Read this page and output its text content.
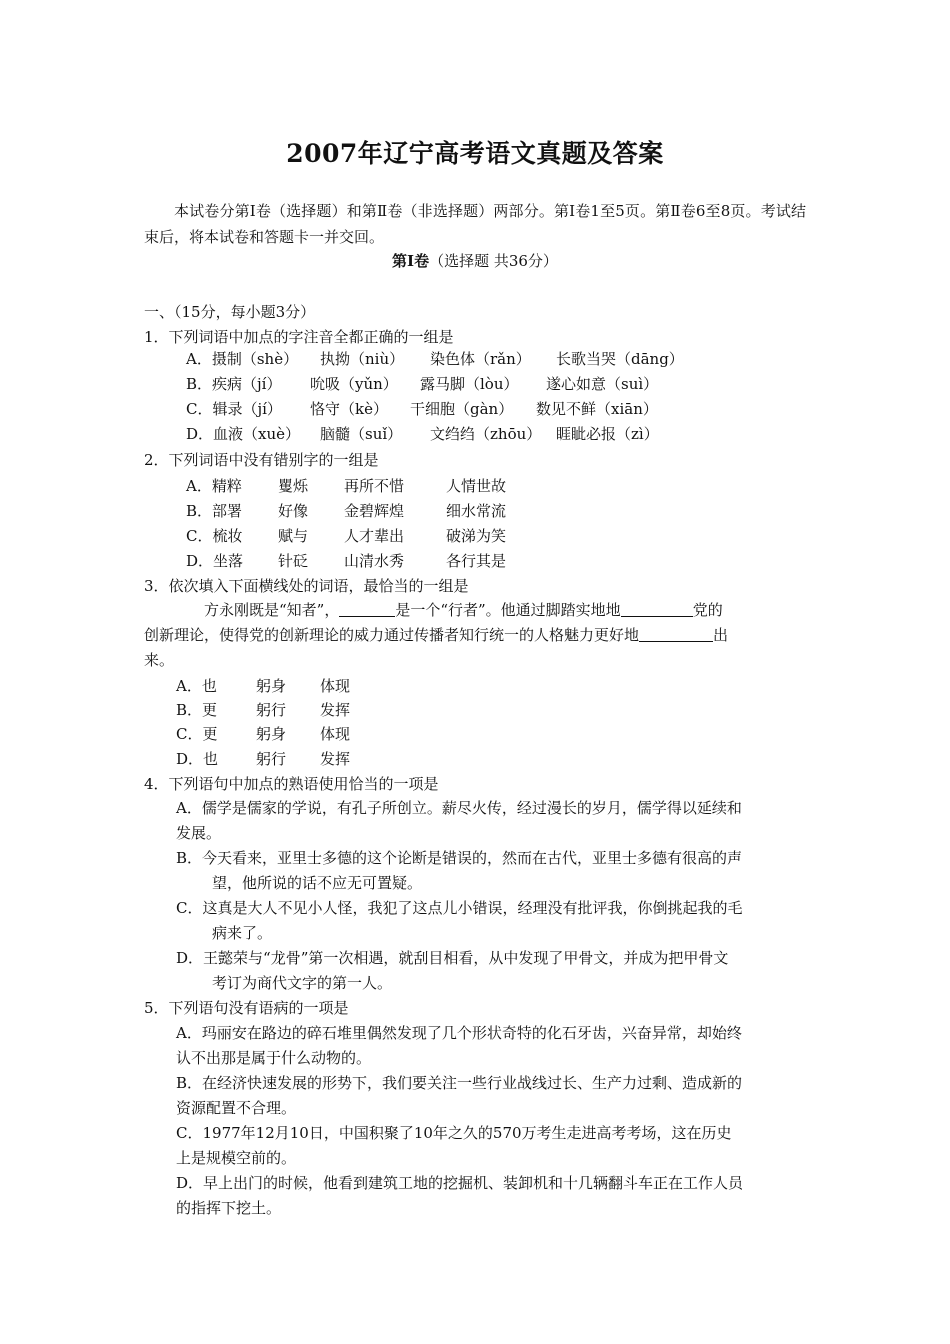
2007年辽宁高考语文真题及答案
本试卷分第Ⅰ卷（选择题）和第Ⅱ卷（非选择题）两部分。第Ⅰ卷1至5页。第Ⅱ卷6至8页。考试结束后，将本试卷和答题卡一并交回。
第Ⅰ卷（选择题 共36分）
一、（15分，每小题3分）
1．下列词语中加点的字注音全都正确的一组是
A．摄制（shè） 执拗（niù） 染色体（rǎn） 长歌当哭（dāng）
B．疾病（jí） 吮吸（yǔn） 露马脚（lòu） 遂心如意（suì）
C．辑录（jí） 恪守（kè） 干细胞（gàn） 数见不鲜（xiān）
D．血液（xuè） 脑髓（suǐ） 文绉绉（zhōu） 睚眦必报（zì）
2．下列词语中没有错别字的一组是
A．精粹 矍烁 再所不惜	人情世故
B．部署 好像 金碧辉煌	细水常流
C．梳妆 赋与 人才辈出	破涕为笑
D．坐落 针砭 山清水秀	各行其是
3．依次填入下面横线处的词语，最恰当的一组是
方永刚既是“知者”，	是一个“行者”。他通过脚踏实地地	党的
创新理论，使得党的创新理论的威力通过传播者知行统一的人格魅力更好地	出
来。
A．也	躬身 体现
B．更	躬行 发挥
C．更	躬身 体现
D．也	躬行 发挥
4．下列语句中加点的熟语使用恰当的一项是
A．儒学是儒家的学说，有孔子所创立。薪尽火传，经过漫长的岁月，儒学得以延续和
发展。
B．今天看来，亚里士多德的这个论断是错误的，然而在古代，亚里士多德有很高的声
望，他所说的话不应无可置疑。
C．这真是大人不见小人怪，我犯了这点儿小错误，经理没有批评我，你倒挑起我的毛
病来了。
D．王懿荣与“龙骨”第一次相遇，就刮目相看，从中发现了甲骨文，并成为把甲骨文
考订为商代文字的第一人。
5．下列语句没有语病的一项是
A．玛丽安在路边的碎石堆里偶然发现了几个形状奇特的化石牙齿，兴奋异常，却始终
认不出那是属于什么动物的。
B．在经济快速发展的形势下，我们要关注一些行业战线过长、生产力过剩、造成新的
资源配置不合理。
C．1977年12月10日，中国积聚了10年之久的570万考生走进高考考场，这在历史
上是规模空前的。
D．早上出门的时候，他看到建筑工地的挖掘机、装卸机和十几辆翻斗车正在工作人员
的指挥下挖土。
